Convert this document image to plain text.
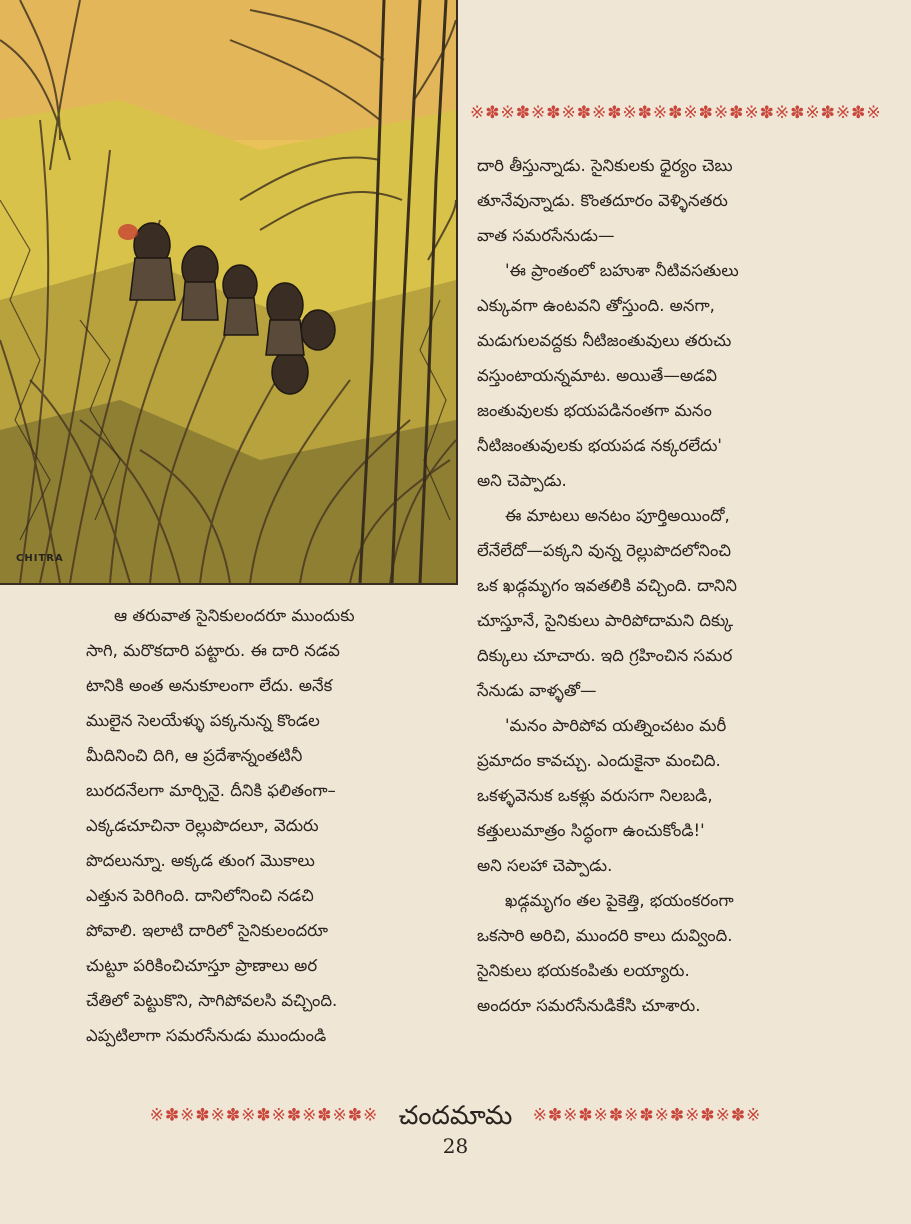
CHITRA
※✽※✽※✽※✽※✽※✽※✽※✽※✽※✽※✽※✽※✽※
దారి తీస్తున్నాడు. సైనికులకు ధైర్యం చెబు
తూనేవున్నాడు. కొంతదూరం వెళ్ళినతరు
వాత సమరసేనుడు—
'ఈ ప్రాంతంలో బహుశా నీటివసతులు
ఎక్కువగా ఉంటవని తోస్తుంది. అనగా,
మడుగులవద్దకు నీటిజంతువులు తరుచు
వస్తుంటాయన్నమాట. అయితే—అడవి
జంతువులకు భయపడినంతగా మనం
నీటిజంతువులకు భయపడ నక్కరలేదు'
అని చెప్పాడు.
ఈ మాటలు అనటం పూర్తిఅయిందో,
లేనేలేదో—పక్కని వున్న రెల్లుపొదలోనించి
ఒక ఖడ్గమృగం ఇవతలికి వచ్చింది. దానిని
చూస్తూనే, సైనికులు పారిపోదామని దిక్కు
దిక్కులు చూచారు. ఇది గ్రహించిన సమర
సేనుడు వాళ్ళతో—
'మనం పారిపోవ యత్నించటం మరీ
ప్రమాదం కావచ్చు. ఎందుకైనా మంచిది.
ఒకళ్ళవెనుక ఒకళ్లు వరుసగా నిలబడి,
కత్తులుమాత్రం సిద్ధంగా ఉంచుకోండి!'
అని సలహా చెప్పాడు.
ఖడ్గమృగం తల పైకెత్తి, భయంకరంగా
ఒకసారి అరిచి, ముందరి కాలు దువ్వింది.
సైనికులు భయకంపితు లయ్యారు.
అందరూ సమరసేనుడికేసి చూశారు.
ఆ తరువాత సైనికులందరూ ముందుకు
సాగి, మరొకదారి పట్టారు. ఈ దారి నడవ
టానికి అంత అనుకూలంగా లేదు. అనేక
ములైన సెలయేళ్ళు పక్కనున్న కొండల
మీదినించి దిగి, ఆ ప్రదేశాన్నంతటినీ
బురదనేలగా మార్చినై. దీనికి ఫలితంగా–
ఎక్కడచూచినా రెల్లుపొదలూ, వెదురు
పొదలున్నూ. అక్కడ తుంగ మొకాలు
ఎత్తున పెరిగింది. దానిలోనించి నడచి
పోవాలి. ఇలాటి దారిలో సైనికులందరూ
చుట్టూ పరికించిచూస్తూ ప్రాణాలు అర
చేతిలో పెట్టుకొని, సాగిపోవలసి వచ్చింది.
ఎప్పటిలాగా సమరసేనుడు ముందుండి
※✽※✽※✽※✽※✽※✽※✽※ చందమామ ※✽※✽※✽※✽※✽※✽※✽※
28
